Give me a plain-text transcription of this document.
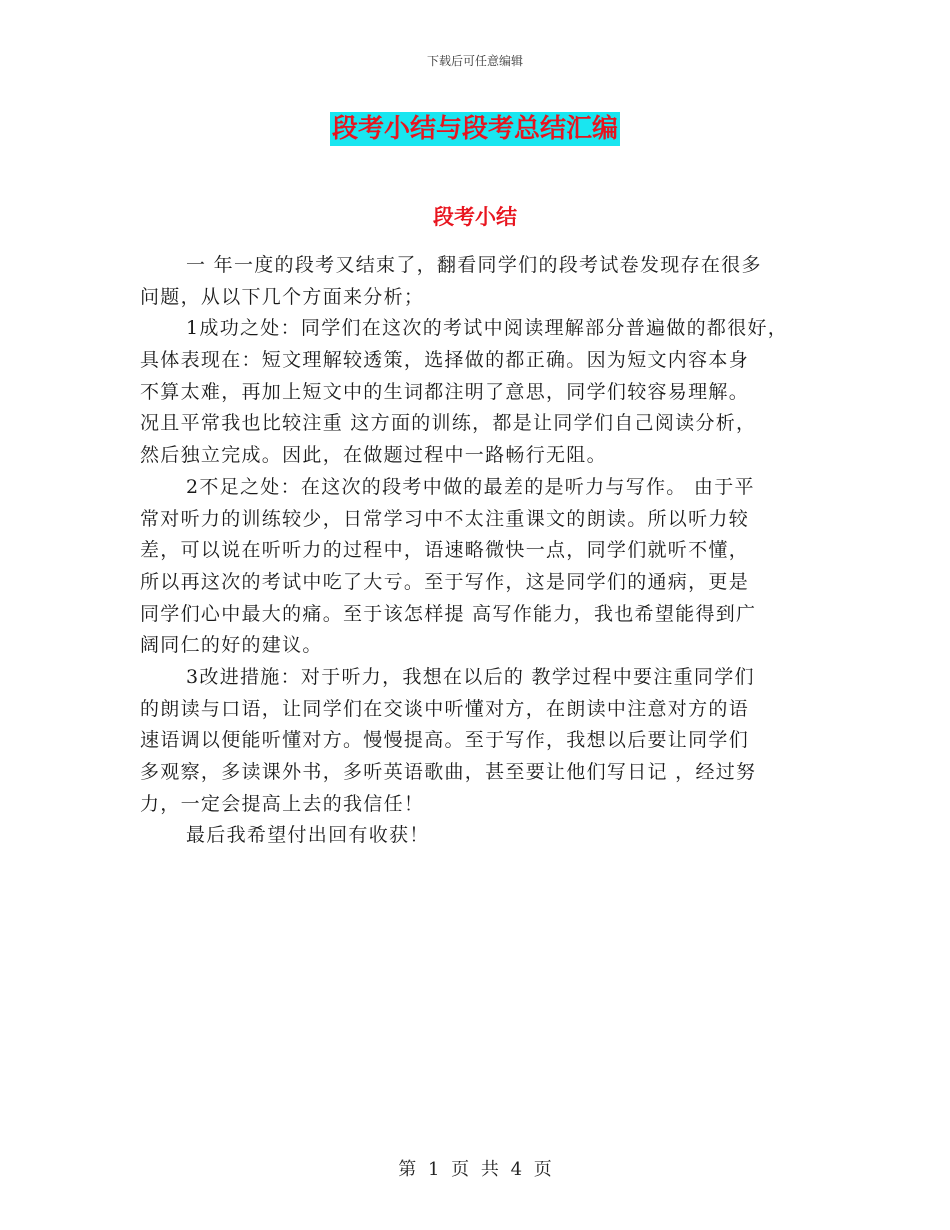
下载后可任意编辑
段考小结与段考总结汇编
段考小结
一 年一度的段考又结束了，翻看同学们的段考试卷发现存在很多
问题，从以下几个方面来分析；
1成功之处：同学们在这次的考试中阅读理解部分普遍做的都很好，
具体表现在：短文理解较透策，选择做的都正确。因为短文内容本身
不算太难，再加上短文中的生词都注明了意思，同学们较容易理解。
况且平常我也比较注重 这方面的训练，都是让同学们自己阅读分析，
然后独立完成。因此，在做题过程中一路畅行无阻。
2不足之处：在这次的段考中做的最差的是听力与写作。 由于平
常对听力的训练较少，日常学习中不太注重课文的朗读。所以听力较
差，可以说在听听力的过程中，语速略微快一点，同学们就听不懂，
所以再这次的考试中吃了大亏。至于写作，这是同学们的通病，更是
同学们心中最大的痛。至于该怎样提 高写作能力，我也希望能得到广
阔同仁的好的建议。
3改进措施：对于听力，我想在以后的 教学过程中要注重同学们
的朗读与口语，让同学们在交谈中听懂对方，在朗读中注意对方的语
速语调以便能听懂对方。慢慢提高。至于写作，我想以后要让同学们
多观察，多读课外书，多听英语歌曲，甚至要让他们写日记 ，经过努
力，一定会提高上去的我信任！
最后我希望付出回有收获！
第 1 页 共 4 页
